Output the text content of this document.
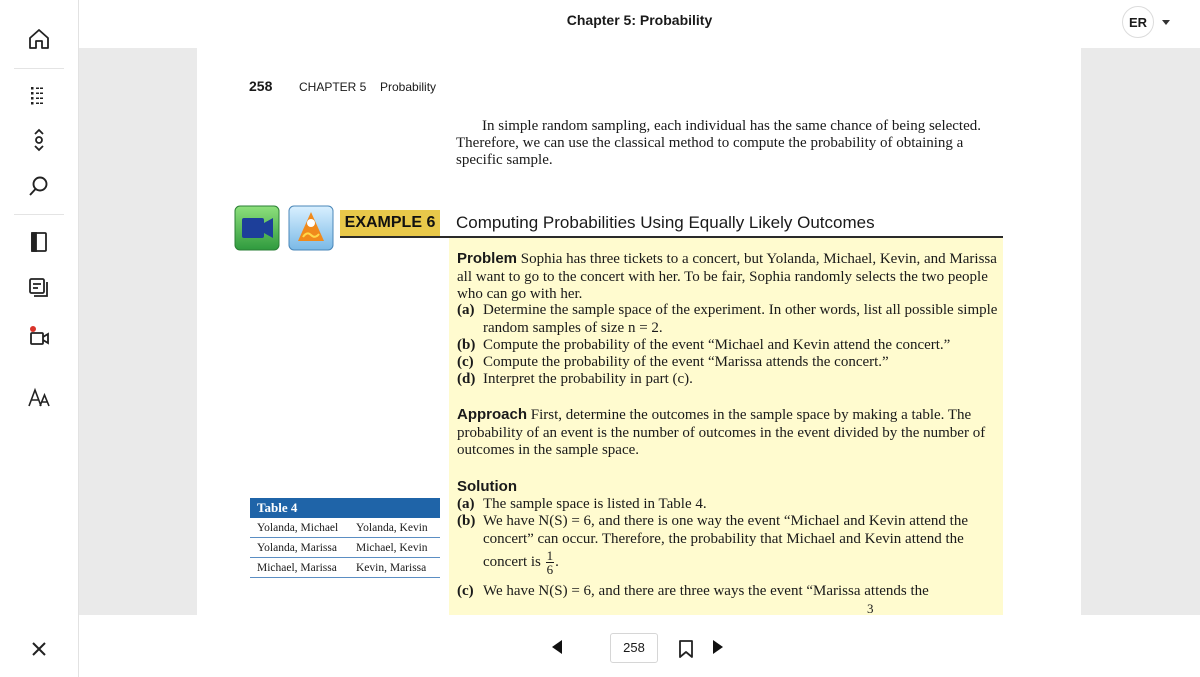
Chapter 5: Probability	ER
258 CHAPTER 5 Probability

In simple random sampling, each individual has the same chance of being selected. Therefore, we can use the classical method to compute the probability of obtaining a specific sample.

EXAMPLE 6 Computing Probabilities Using Equally Likely Outcomes

Problem Sophia has three tickets to a concert, but Yolanda, Michael, Kevin, and Marissa all want to go to the concert with her. To be fair, Sophia randomly selects the two people who can go with her.

(a) Determine the sample space of the experiment. In other words, list all possible simple random samples of size n = 2.
(b) Compute the probability of the event “Michael and Kevin attend the concert.”
(c) Compute the probability of the event “Marissa attends the concert.”
(d) Interpret the probability in part (c).

Approach First, determine the outcomes in the sample space by making a table. The probability of an event is the number of outcomes in the event divided by the number of outcomes in the sample space.

Solution
(a) The sample space is listed in Table 4.
(b) We have N(S) = 6, and there is one way the event “Michael and Kevin attend the concert” can occur. Therefore, the probability that Michael and Kevin attend the
concert is $\frac{1}{6}$ .
(c) We have N(S) = 6, and there are three ways the event “Marissa attends the
3
Table 4
Yolanda, Michael	Yolanda, Kevin
Yolanda, Marissa	Michael, Kevin
Michael, Marissa	Kevin, Marissa
258
